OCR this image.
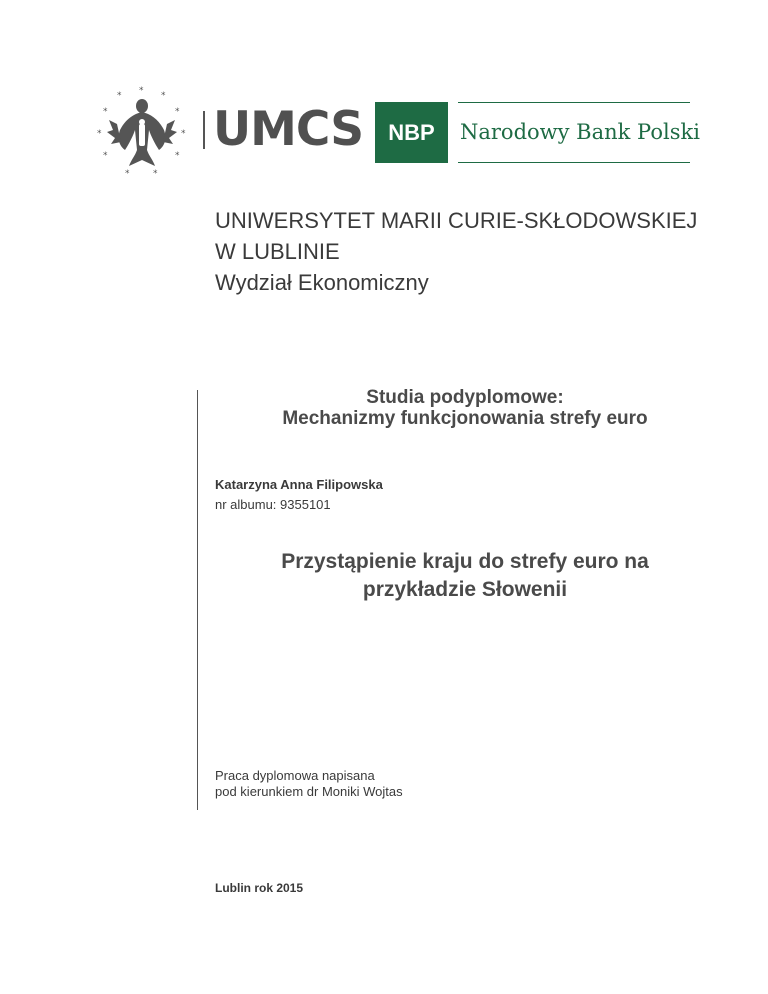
* * *
*	*
*	*
*	*
*	*
UMCS NBP Narodowy Bank Polski
UNIWERSYTET MARII CURIE-SKŁODOWSKIEJ
W LUBLINIE
Wydział Ekonomiczny
Studia podyplomowe:
Mechanizmy funkcjonowania strefy euro
Katarzyna Anna Filipowska
nr albumu: 9355101
Przystąpienie kraju do strefy euro na
przykładzie Słowenii
Praca dyplomowa napisana
pod kierunkiem dr Moniki Wojtas
Lublin rok 2015
